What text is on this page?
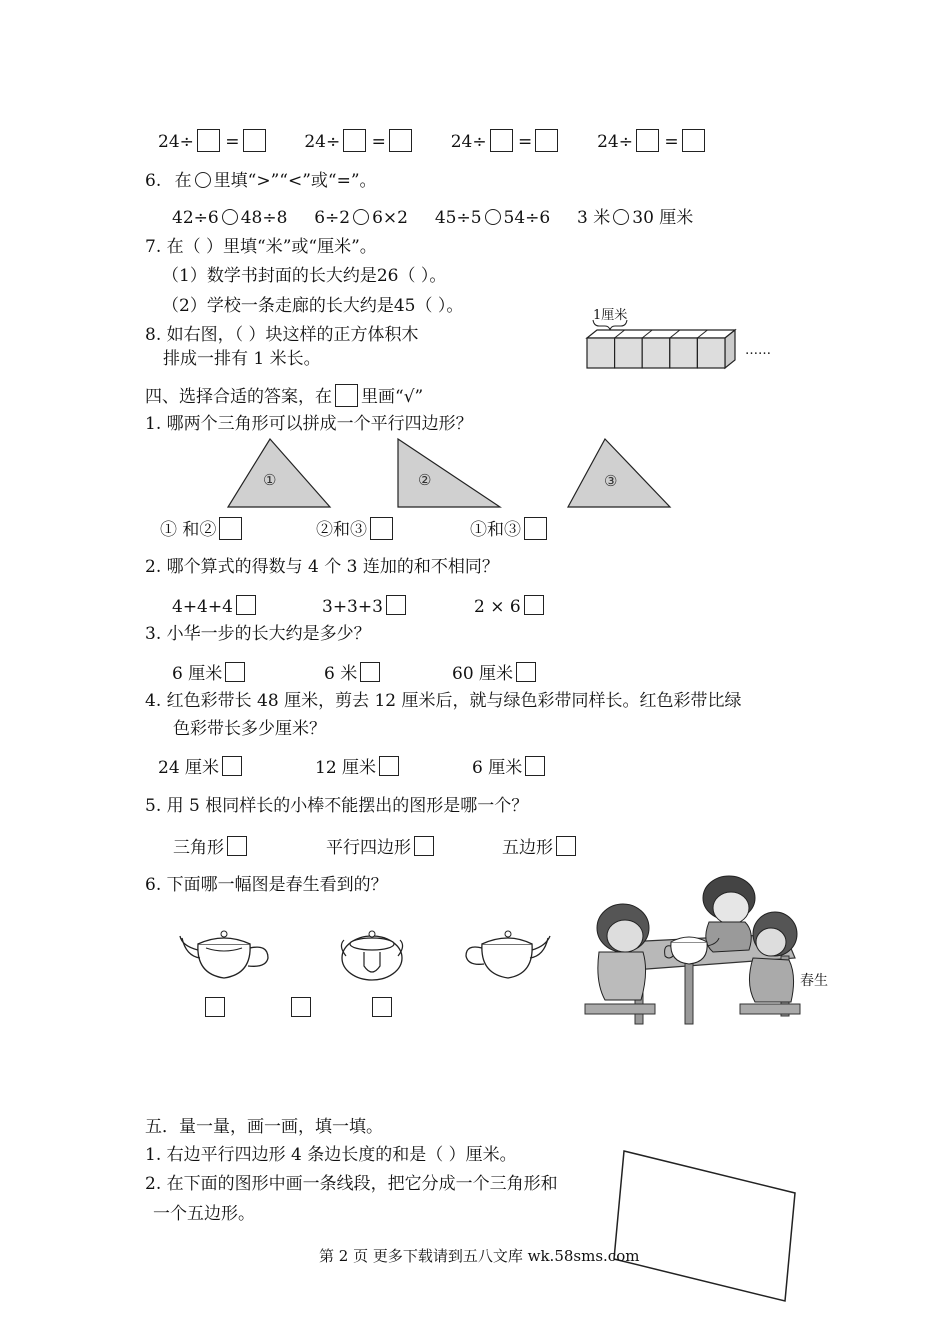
24÷ =	24÷ =	24÷ =	24÷ =
6. 在 里填“>”“<”或“=”。
42÷6 48÷8 6÷2 6×2 45÷5 54÷6 3 米 30 厘米
7. 在（ ）里填“米”或“厘米”。
（1）数学书封面的长大约是26（ ）。
（2）学校一条走廊的长大约是45（ ）。
8. 如右图，（ ）块这样的正方体积木
排成一排有 1 米长。
1厘米
……
四、选择合适的答案，在 里画“√”
1. 哪两个三角形可以拼成一个平行四边形？
①	②	③
① 和②	②和③	①和③
2. 哪个算式的得数与 4 个 3 连加的和不相同？
4+4+4	3+3+3	2 × 6
3. 小华一步的长大约是多少？
6 厘米	6 米	60 厘米
4. 红色彩带长 48 厘米，剪去 12 厘米后，就与绿色彩带同样长。红色彩带比绿
色彩带长多少厘米？
24 厘米	12 厘米	6 厘米
5. 用 5 根同样长的小棒不能摆出的图形是哪一个？
三角形	平行四边形	五边形
6. 下面哪一幅图是春生看到的？
春生
五．量一量，画一画，填一填。
1. 右边平行四边形 4 条边长度的和是（ ）厘米。
2. 在下面的图形中画一条线段，把它分成一个三角形和
一个五边形。
第 2 页 更多下载请到五八文库 wk.58sms.com
